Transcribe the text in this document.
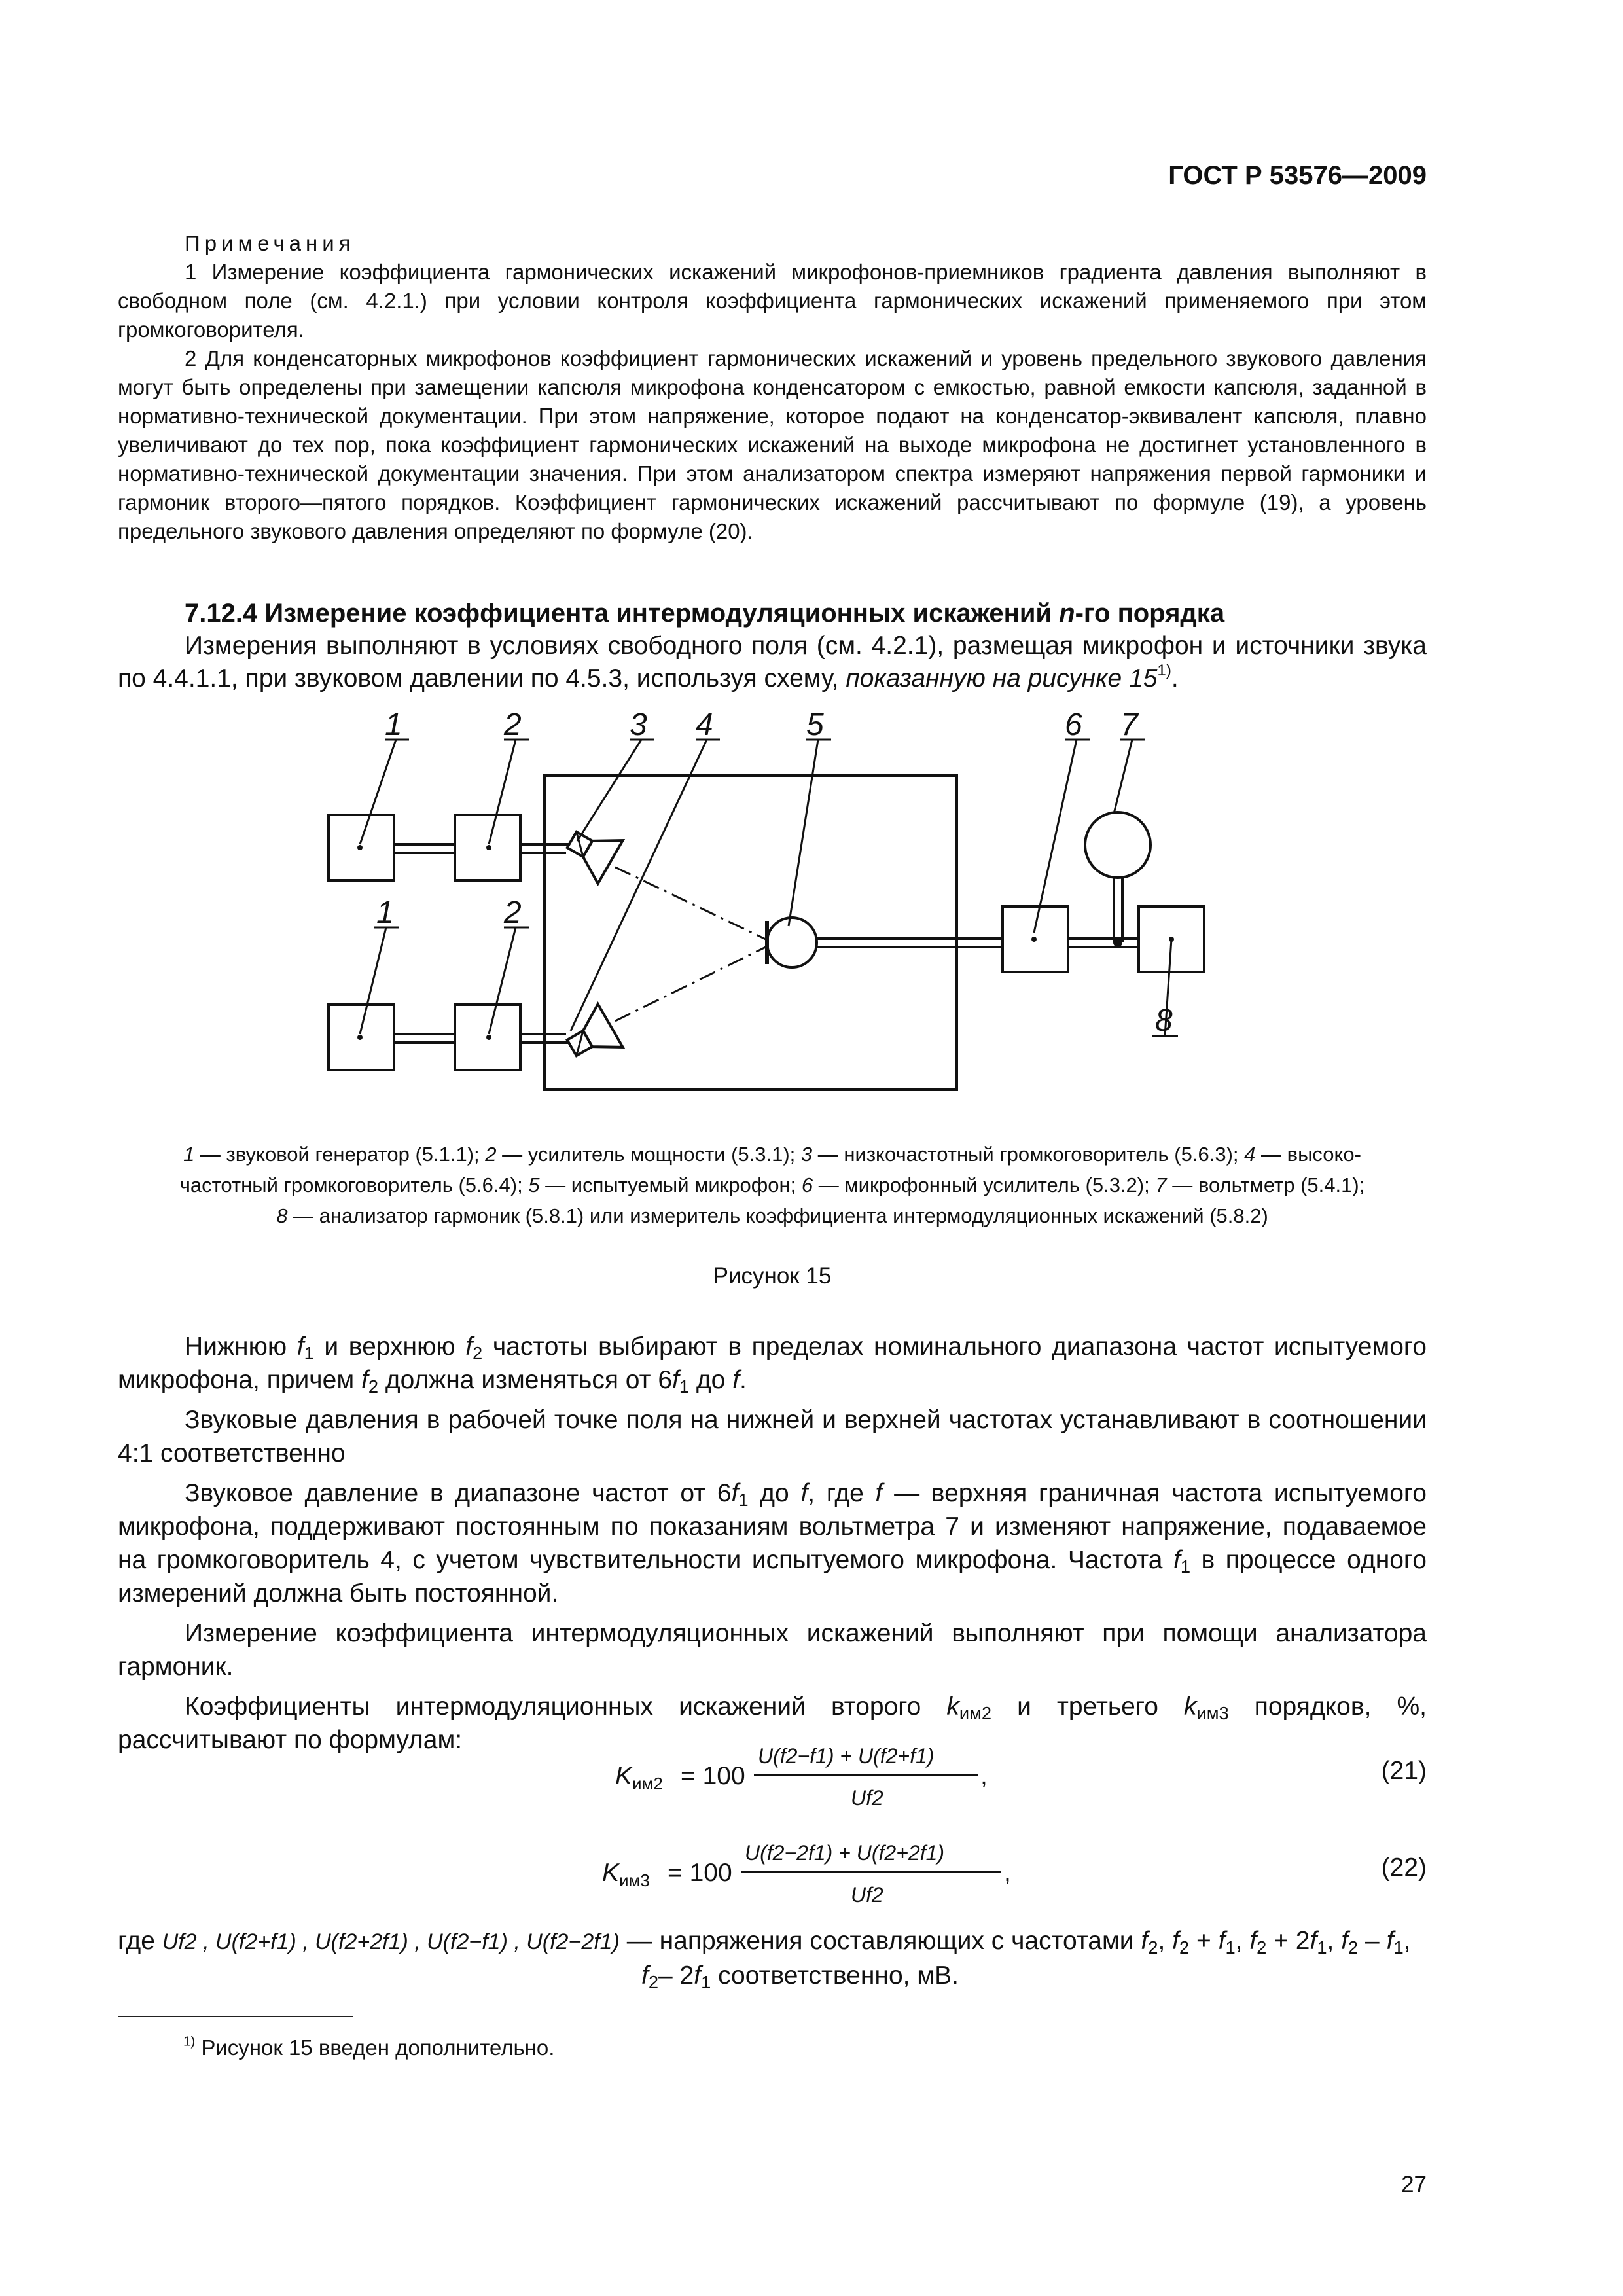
ГОСТ Р 53576—2009

Примечания

1 Измерение коэффициента гармонических искажений микрофонов-приемников градиента давления выполняют в свободном поле (см. 4.2.1.) при условии контроля коэффициента гармонических искажений применяемого при этом громкоговорителя.

2 Для конденсаторных микрофонов коэффициент гармонических искажений и уровень предельного звукового давления могут быть определены при замещении капсюля микрофона конденсатором с емкостью, равной емкости капсюля, заданной в нормативно-технической документации. При этом напряжение, которое подают на конденсатор-эквивалент капсюля, плавно увеличивают до тех пор, пока коэффициент гармонических искажений на выходе микрофона не достигнет установленного в нормативно-технической документации значения. При этом анализатором спектра измеряют напряжения первой гармоники и гармоник второго—пятого порядков. Коэффициент гармонических искажений рассчитывают по формуле (19), а уровень предельного звукового давления определяют по формуле (20).

7.12.4 Измерение коэффициента интермодуляционных искажений n-го порядка

Измерения выполняют в условиях свободного поля (см. 4.2.1), размещая микрофон и источники звука по 4.4.1.1, при звуковом давлении по 4.5.3, используя схему, показанную на рисунке 15$^{1)}$.

1	2	3 4	5	6 7
1	2
8

1 — звуковой генератор (5.1.1); 2 — усилитель мощности (5.3.1); 3 — низкочастотный громкоговоритель (5.6.3); 4 — высоко-

частотный громкоговоритель (5.6.4); 5 — испытуемый микрофон; 6 — микрофонный усилитель (5.3.2); 7 — вольтметр (5.4.1);

8 — анализатор гармоник (5.8.1) или измеритель коэффициента интермодуляционных искажений (5.8.2)

Рисунок 15

Нижнюю $f_1$ и верхнюю $f_2$ частоты выбирают в пределах номинального диапазона частот испытуемого микрофона, причем $f_2$ должна изменяться от $6f_1$ до f.

Звуковые давления в рабочей точке поля на нижней и верхней частотах устанавливают в соотношении 4:1 соответственно

Звуковое давление в диапазоне частот от $6f_1$ до f, где f — верхняя граничная частота испытуемого микрофона, поддерживают постоянным по показаниям вольтметра 7 и изменяют напряжение, подаваемое на громкоговоритель 4, с учетом чувствительности испытуемого микрофона. Частота $f_1$ в процессе одного измерений должна быть постоянной.

Измерение коэффициента интермодуляционных искажений выполняют при помощи анализатора гармоник.

Коэффициенты интермодуляционных искажений второго $k_{им2}$ и третьего $k_{им3}$ порядков, %, рассчитывают по формулам:

$K_{им2} = 100$
U(f2−f1) + U(f2+f1)
Uf2
,	(21)
$K_{им3} = 100$
U(f2−2f1) + U(f2+2f1)
Uf2
,	(22)
где Uf2 , U(f2+f1) , U(f2+2f1) , U(f2−f1) , U(f2−2f1) — напряжения составляющих с частотами $f_2$, $f_2 + f_1$, $f_2 + 2f_1$, $f_2 - f_1$,
$f_2-$ $2f_1$ соответственно, мВ.
$^{1)}$ Рисунок 15 введен дополнительно.
27
